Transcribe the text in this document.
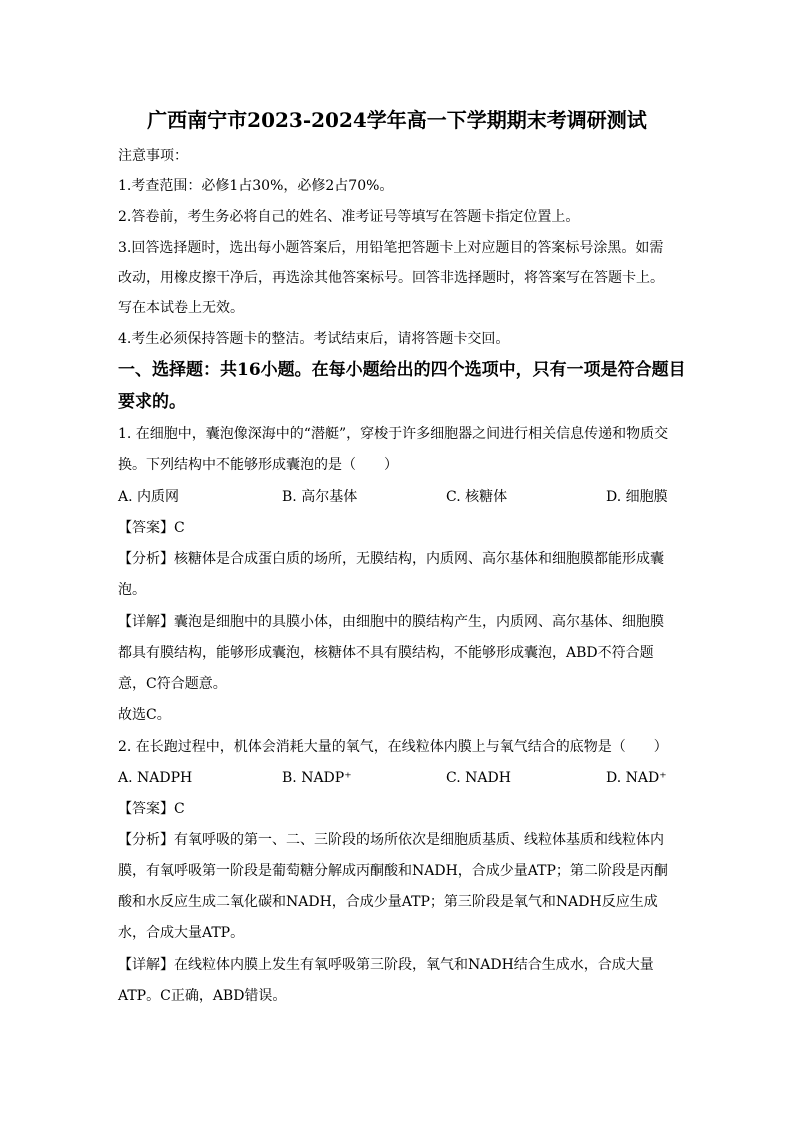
广西南宁市2023-2024学年高一下学期期末考调研测试
注意事项：
1.考查范围：必修1占30%，必修2占70%。
2.答卷前，考生务必将自己的姓名、准考证号等填写在答题卡指定位置上。
3.回答选择题时，选出每小题答案后，用铅笔把答题卡上对应题目的答案标号涂黑。如需
改动，用橡皮擦干净后，再选涂其他答案标号。回答非选择题时，将答案写在答题卡上。
写在本试卷上无效。
4.考生必须保持答题卡的整洁。考试结束后，请将答题卡交回。
一、选择题：共16小题。在每小题给出的四个选项中，只有一项是符合题目
要求的。
1. 在细胞中，囊泡像深海中的“潜艇”，穿梭于许多细胞器之间进行相关信息传递和物质交
换。下列结构中不能够形成囊泡的是（　　）
A. 内质网	B. 高尔基体	C. 核糖体	D. 细胞膜
【答案】C
【分析】核糖体是合成蛋白质的场所，无膜结构，内质网、高尔基体和细胞膜都能形成囊
泡。
【详解】囊泡是细胞中的具膜小体，由细胞中的膜结构产生，内质网、高尔基体、细胞膜
都具有膜结构，能够形成囊泡，核糖体不具有膜结构，不能够形成囊泡，ABD不符合题
意，C符合题意。
故选C。
2. 在长跑过程中，机体会消耗大量的氧气，在线粒体内膜上与氧气结合的底物是（　　）
A. NADPH	B. NADP⁺	C. NADH	D. NAD⁺
【答案】C
【分析】有氧呼吸的第一、二、三阶段的场所依次是细胞质基质、线粒体基质和线粒体内
膜，有氧呼吸第一阶段是葡萄糖分解成丙酮酸和NADH，合成少量ATP；第二阶段是丙酮
酸和水反应生成二氧化碳和NADH，合成少量ATP；第三阶段是氧气和NADH反应生成
水，合成大量ATP。
【详解】在线粒体内膜上发生有氧呼吸第三阶段，氧气和NADH结合生成水，合成大量
ATP。C正确，ABD错误。
